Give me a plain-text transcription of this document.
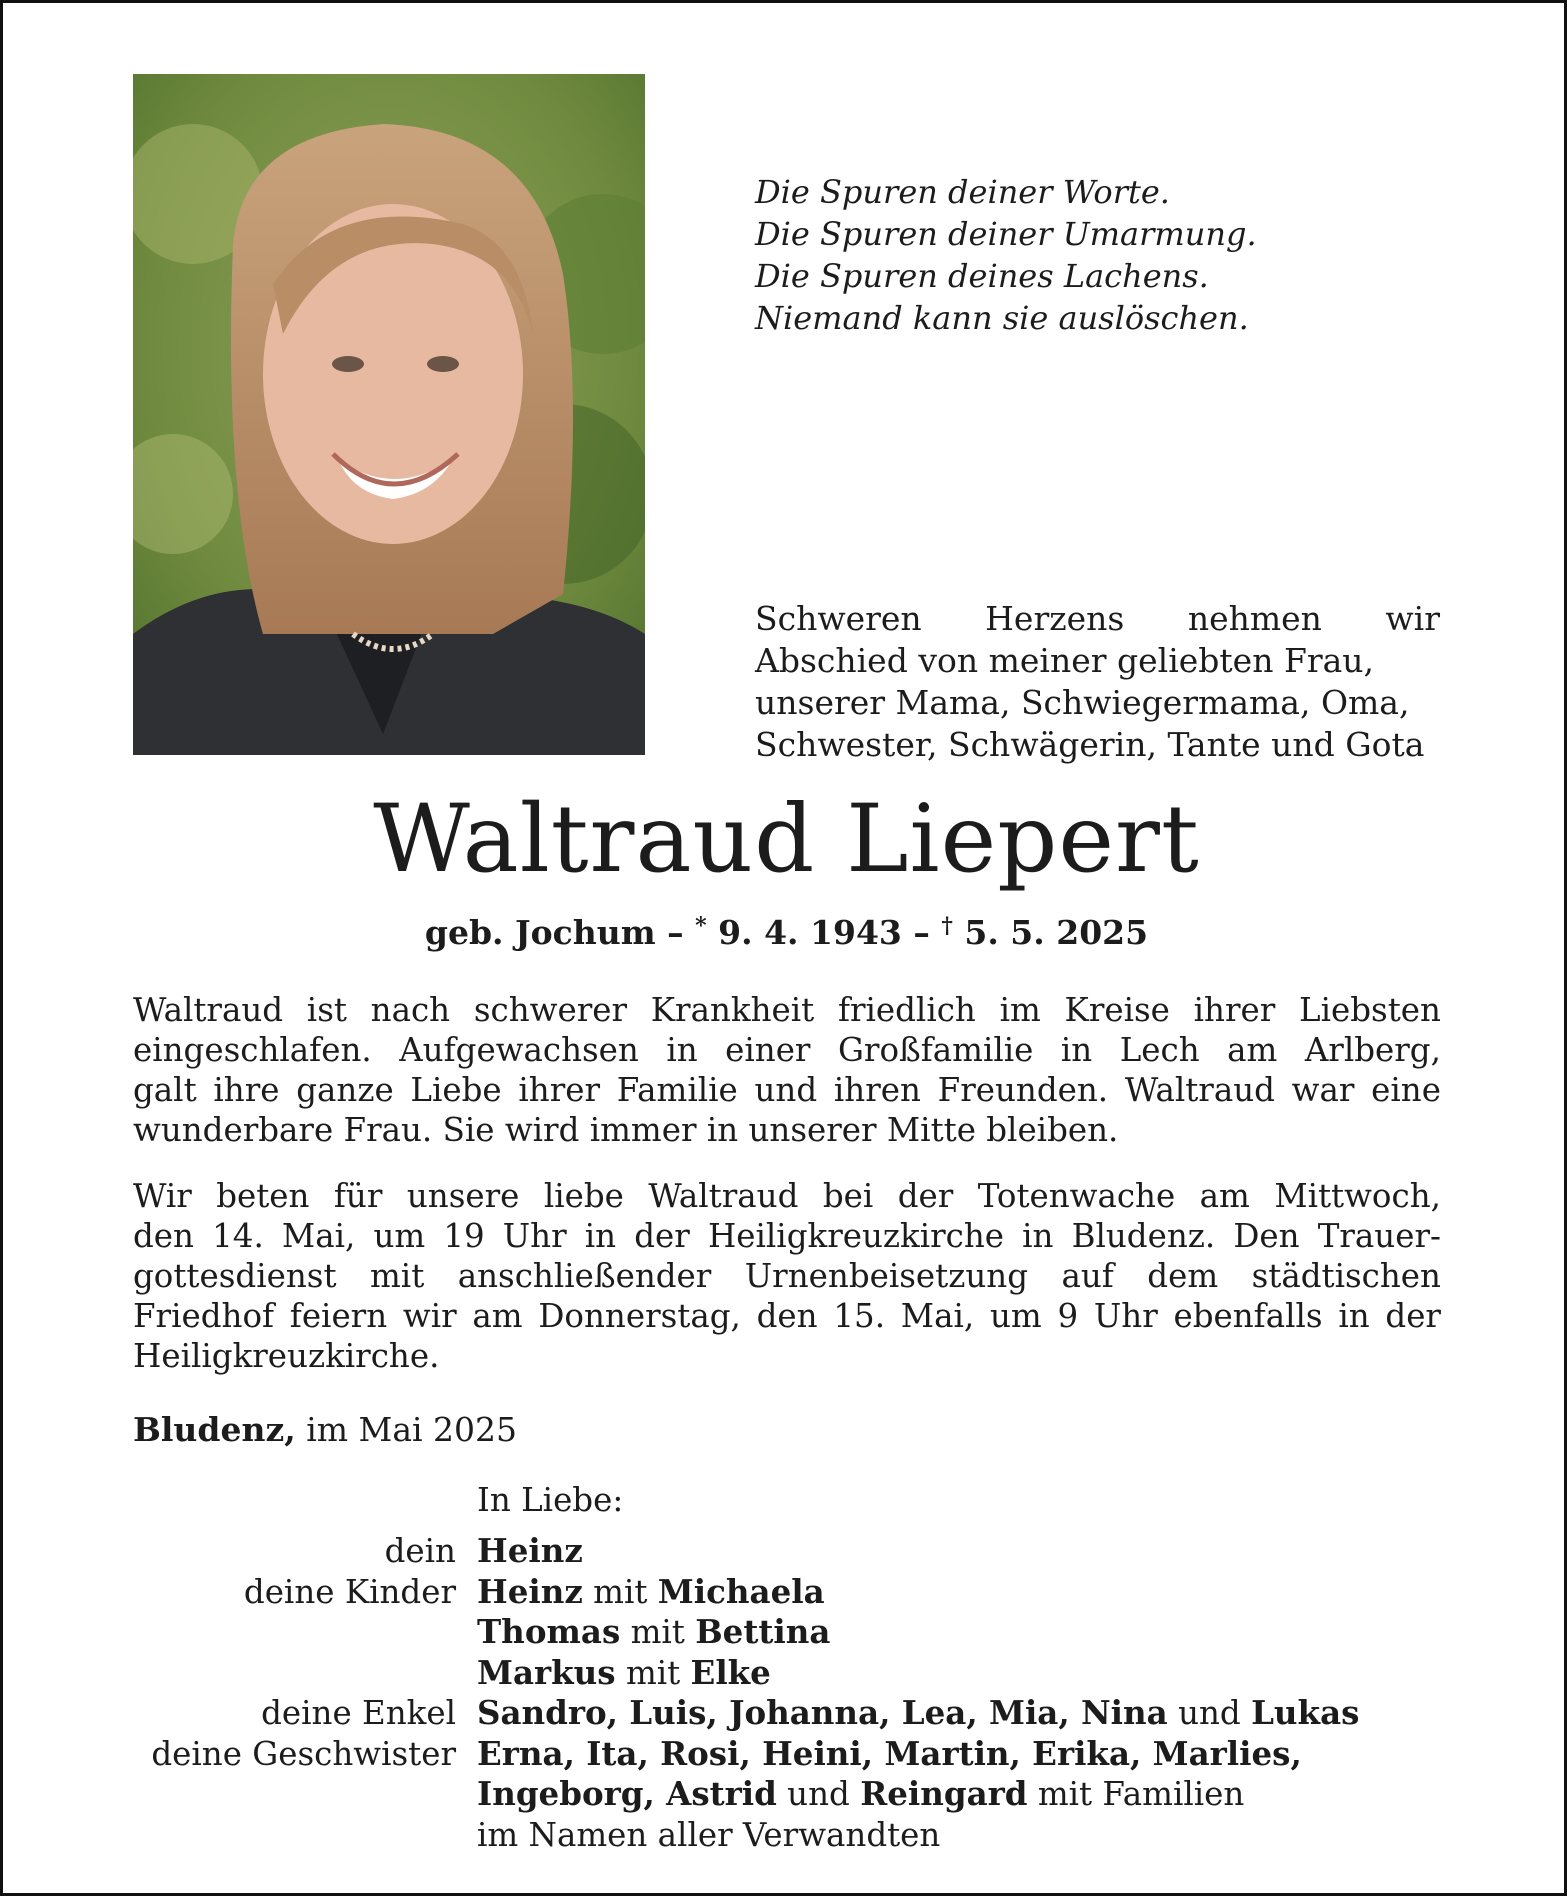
Die Spuren deiner Worte.
Die Spuren deiner Umarmung.
Die Spuren deines Lachens.
Niemand kann sie auslöschen.
Schweren Herzens nehmen wir
Abschied von meiner geliebten Frau,
unserer Mama, Schwiegermama, Oma,
Schwester, Schwägerin, Tante und Gota
Waltraud Liepert
geb. Jochum – * 9. 4. 1943 – † 5. 5. 2025
Waltraud ist nach schwerer Krankheit friedlich im Kreise ihrer Liebsten
eingeschlafen. Aufgewachsen in einer Großfamilie in Lech am Arlberg,
galt ihre ganze Liebe ihrer Familie und ihren Freunden. Waltraud war eine
wunderbare Frau. Sie wird immer in unserer Mitte bleiben.
Wir beten für unsere liebe Waltraud bei der Totenwache am Mittwoch,
den 14. Mai, um 19 Uhr in der Heiligkreuzkirche in Bludenz. Den Trauer-
gottesdienst mit anschließender Urnenbeisetzung auf dem städtischen
Friedhof feiern wir am Donnerstag, den 15. Mai, um 9 Uhr ebenfalls in der
Heiligkreuzkirche.
Bludenz, im Mai 2025
In Liebe:
dein Heinz
deine Kinder Heinz mit Michaela
Thomas mit Bettina
Markus mit Elke
deine Enkel Sandro, Luis, Johanna, Lea, Mia, Nina und Lukas
deine Geschwister Erna, Ita, Rosi, Heini, Martin, Erika, Marlies,
Ingeborg, Astrid und Reingard mit Familien
im Namen aller Verwandten
